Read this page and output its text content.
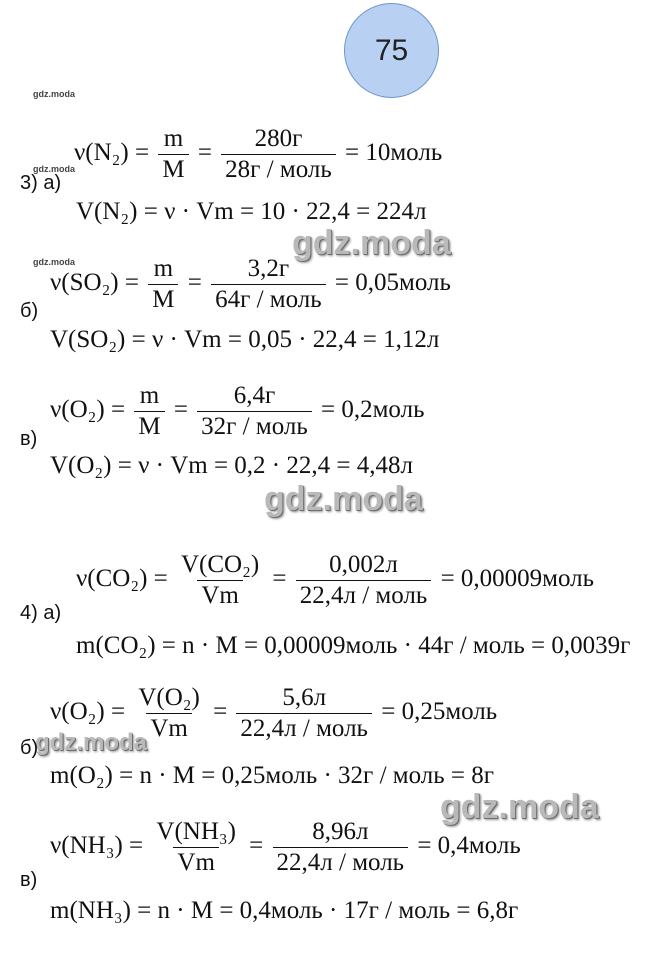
75
gdz.moda
gdz.moda
gdz.moda	gdz.moda
gdz.moda
gdz.moda
gdz.moda
3) а)
б)
в)
4) а)
б)
в)
$\nu(N_2) = \frac{m}{M} = \frac{280г}{\text{28г / моль}}$ = 10моль
V(N₂) = ν · Vm = 10 · 22,4 = 224л
$\nu(SO_2) = \frac{m}{M} = \frac{3,2г}{\text{64г / моль}}$ = 0,05моль
V(SO₂) = ν · Vm = 0,05 · 22,4 = 1,12л
$\nu(O_2) = \frac{m}{M} = \frac{6,4г}{\text{32г / моль}}$ = 0,2моль
V(O₂) = ν · Vm = 0,2 · 22,4 = 4,48л
$\nu(CO_2) = \frac{\text{V(CO₂)}}{Vm} = \frac{0,002л}{\text{22,4л / моль}}$ = 0,00009моль
m(CO₂) = n · M = 0,00009моль · 44г / моль = 0,0039г
$\nu(O_2) = \frac{\text{V(O₂)}}{Vm} = \frac{5,6л}{\text{22,4л / моль}}$ = 0,25моль
m(O₂) = n · M = 0,25моль · 32г / моль = 8г
$\nu(NH_3) = \frac{\text{V(NH₃)}}{Vm} = \frac{8,96л}{\text{22,4л / моль}}$ = 0,4моль
m(NH₃) = n · M = 0,4моль · 17г / моль = 6,8г
